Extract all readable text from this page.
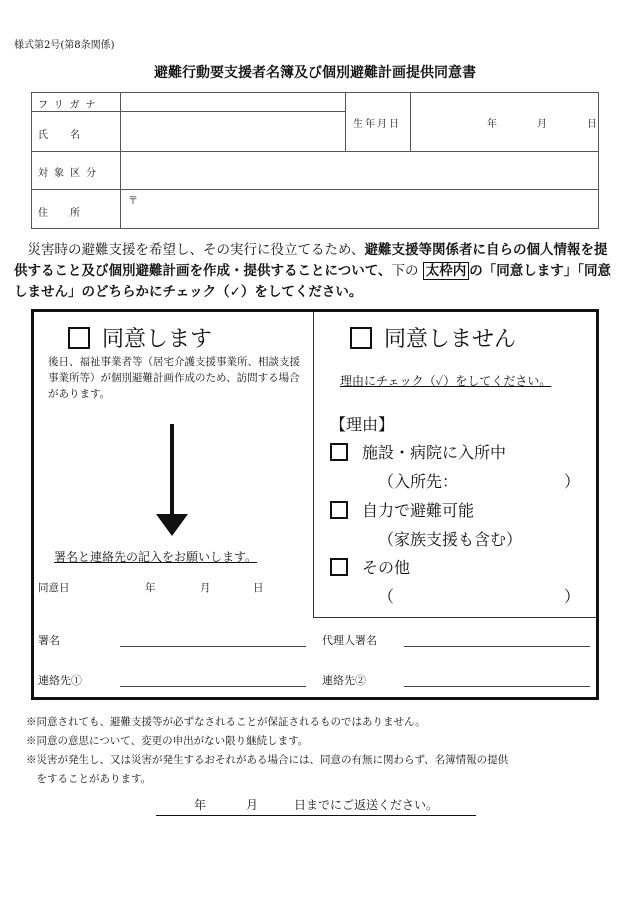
様式第2号(第8条関係)
避難行動要支援者名簿及び個別避難計画提供同意書
フリガナ
氏　名
生年月日	年	月	日
対象区分
住　所
〒
　災害時の避難支援を希望し、その実行に役立てるため、避難支援等関係者に自らの個人情報を提供すること及び個別避難計画を作成・提供することについて、下の 太枠内 の「同意します」「同意しません」のどちらかにチェック（✓）をしてください。
同意します
後日、福祉事業者等（居宅介護支援事業所、相談支援事業所等）が個別避難計画作成のため、訪問する場合があります。
署名と連絡先の記入をお願いします。
同意日	年	月	日
同意しません
理由にチェック（✓）をしてください。
【理由】
施設・病院に入所中
（入所先：	）
自力で避難可能
（家族支援も含む）
その他
（	）
署名	代理人署名
連絡先①	連絡先②
※同意されても、避難支援等が必ずなされることが保証されるものではありません。
※同意の意思について、変更の申出がない限り継続します。
※災害が発生し、又は災害が発生するおそれがある場合には、同意の有無に関わらず、名簿情報の提供
　をすることがあります。
年	月	日までにご返送ください。
